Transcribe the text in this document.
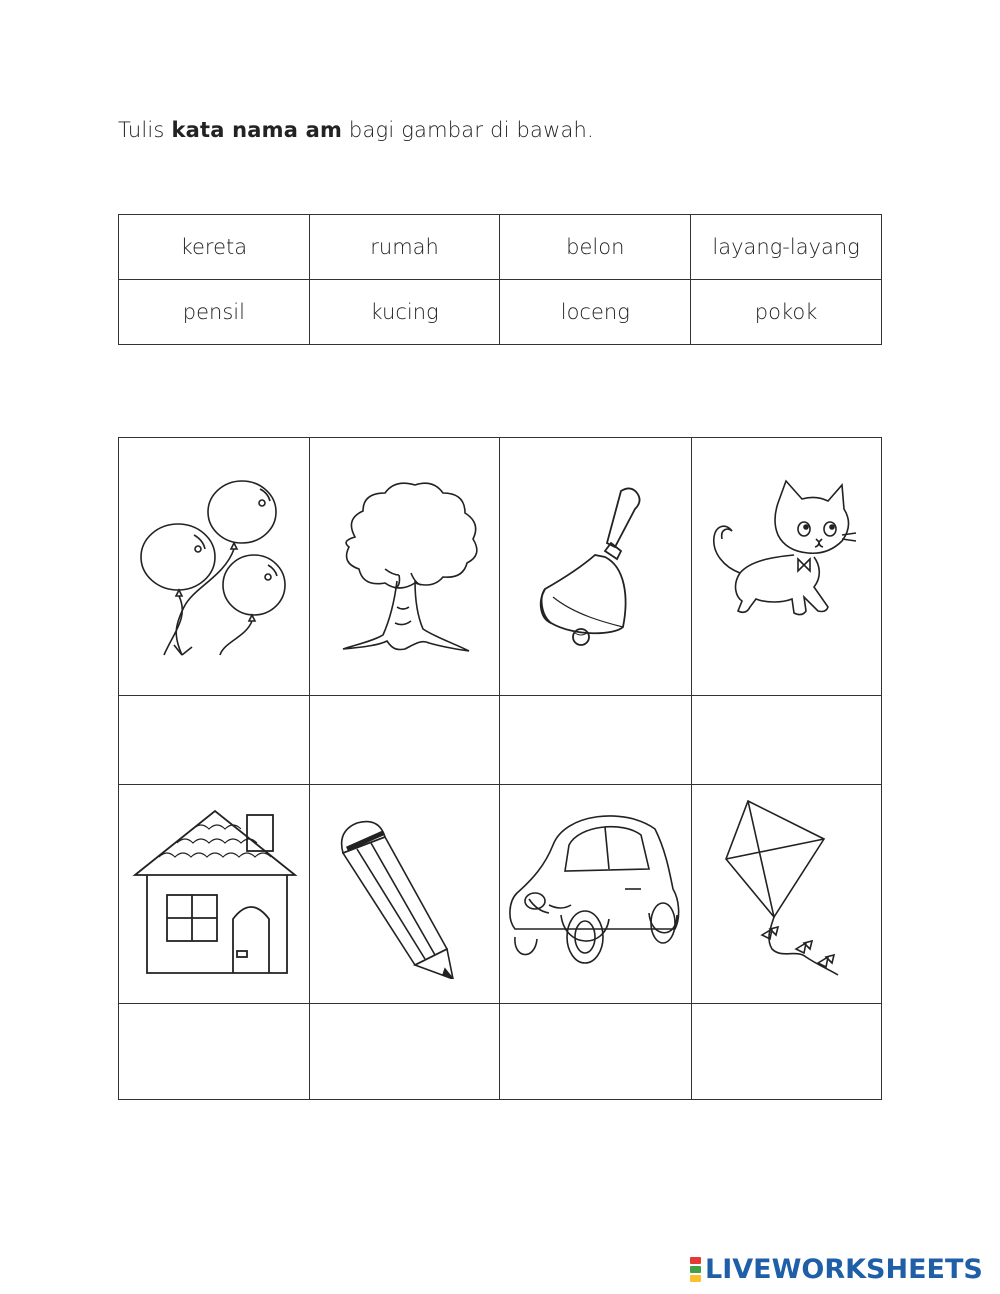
Tulis kata nama am bagi gambar di bawah.
kereta	rumah	belon	layang-layang
pensil	kucing	loceng	pokok

LIVEWORKSHEETS
